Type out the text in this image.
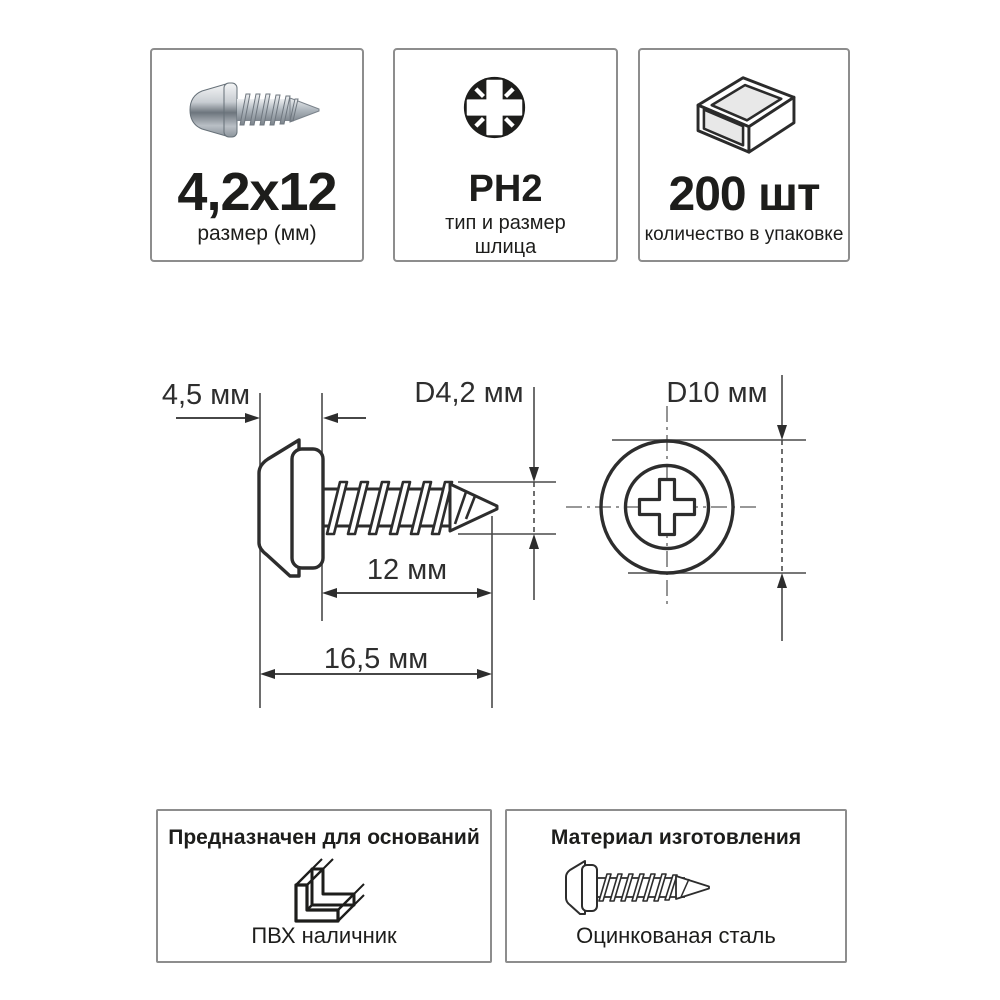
4,2x12
размер (мм)
PH2
тип и размер шлица
200 шт
количество в упаковке
4,5 мм	D4,2 мм	D10 мм
12 мм
16,5 мм
Предназначен для оснований
ПВХ наличник
Материал изготовления
Оцинкованая сталь
